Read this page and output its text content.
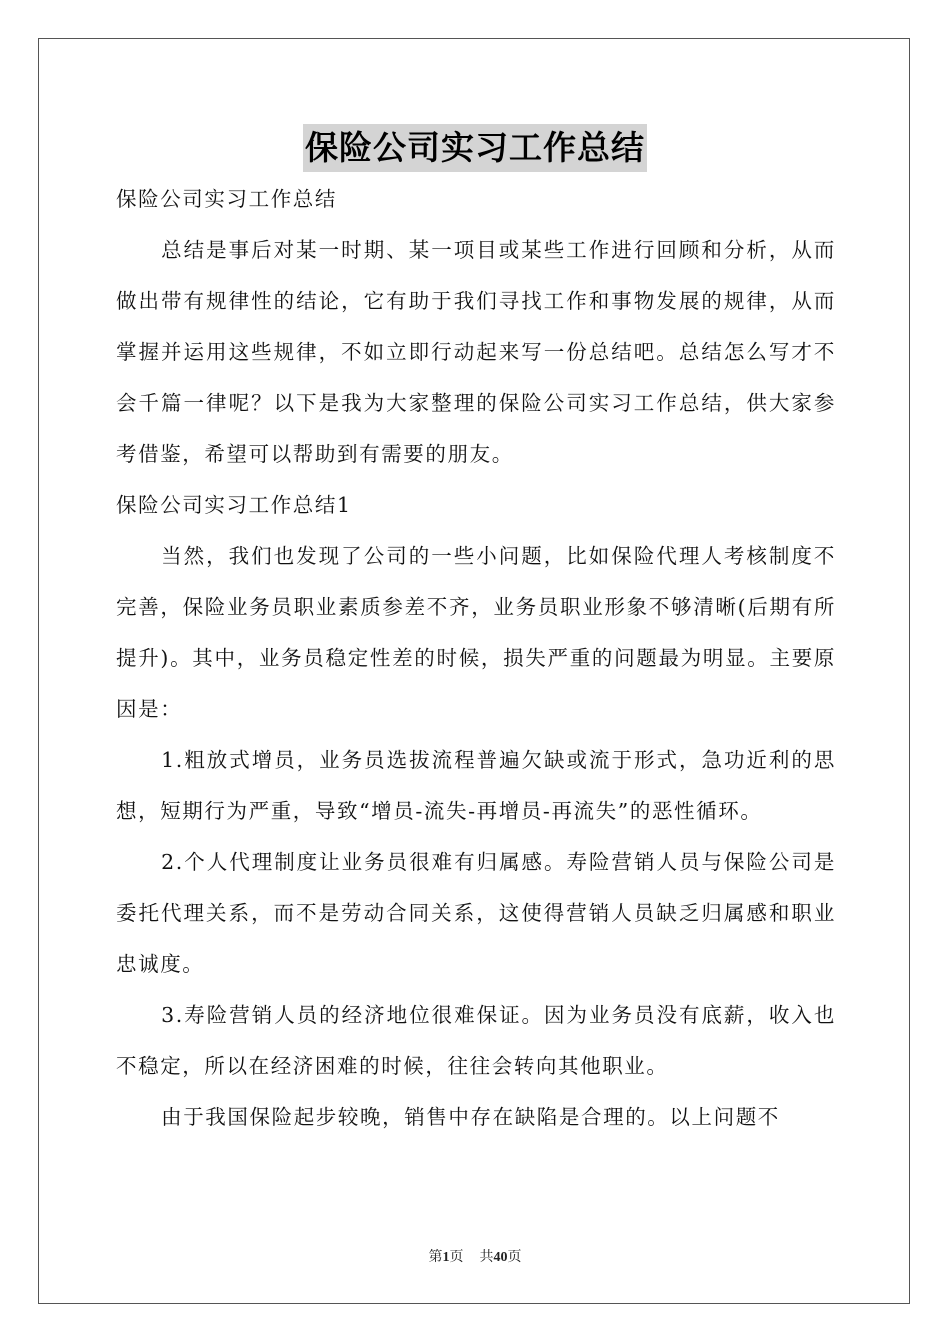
保险公司实习工作总结

保险公司实习工作总结

总结是事后对某一时期、某一项目或某些工作进行回顾和分析，从而做出带有规律性的结论，它有助于我们寻找工作和事物发展的规律，从而掌握并运用这些规律，不如立即行动起来写一份总结吧。总结怎么写才不会千篇一律呢？以下是我为大家整理的保险公司实习工作总结，供大家参考借鉴，希望可以帮助到有需要的朋友。

保险公司实习工作总结1

当然，我们也发现了公司的一些小问题，比如保险代理人考核制度不完善，保险业务员职业素质参差不齐，业务员职业形象不够清晰(后期有所提升)。其中，业务员稳定性差的时候，损失严重的问题最为明显。主要原因是：

1.粗放式增员，业务员选拔流程普遍欠缺或流于形式，急功近利的思想，短期行为严重，导致“增员-流失-再增员-再流失”的恶性循环。

2.个人代理制度让业务员很难有归属感。寿险营销人员与保险公司是委托代理关系，而不是劳动合同关系，这使得营销人员缺乏归属感和职业忠诚度。

3.寿险营销人员的经济地位很难保证。因为业务员没有底薪，收入也不稳定，所以在经济困难的时候，往往会转向其他职业。

由于我国保险起步较晚，销售中存在缺陷是合理的。以上问题不

第1页 共40页
